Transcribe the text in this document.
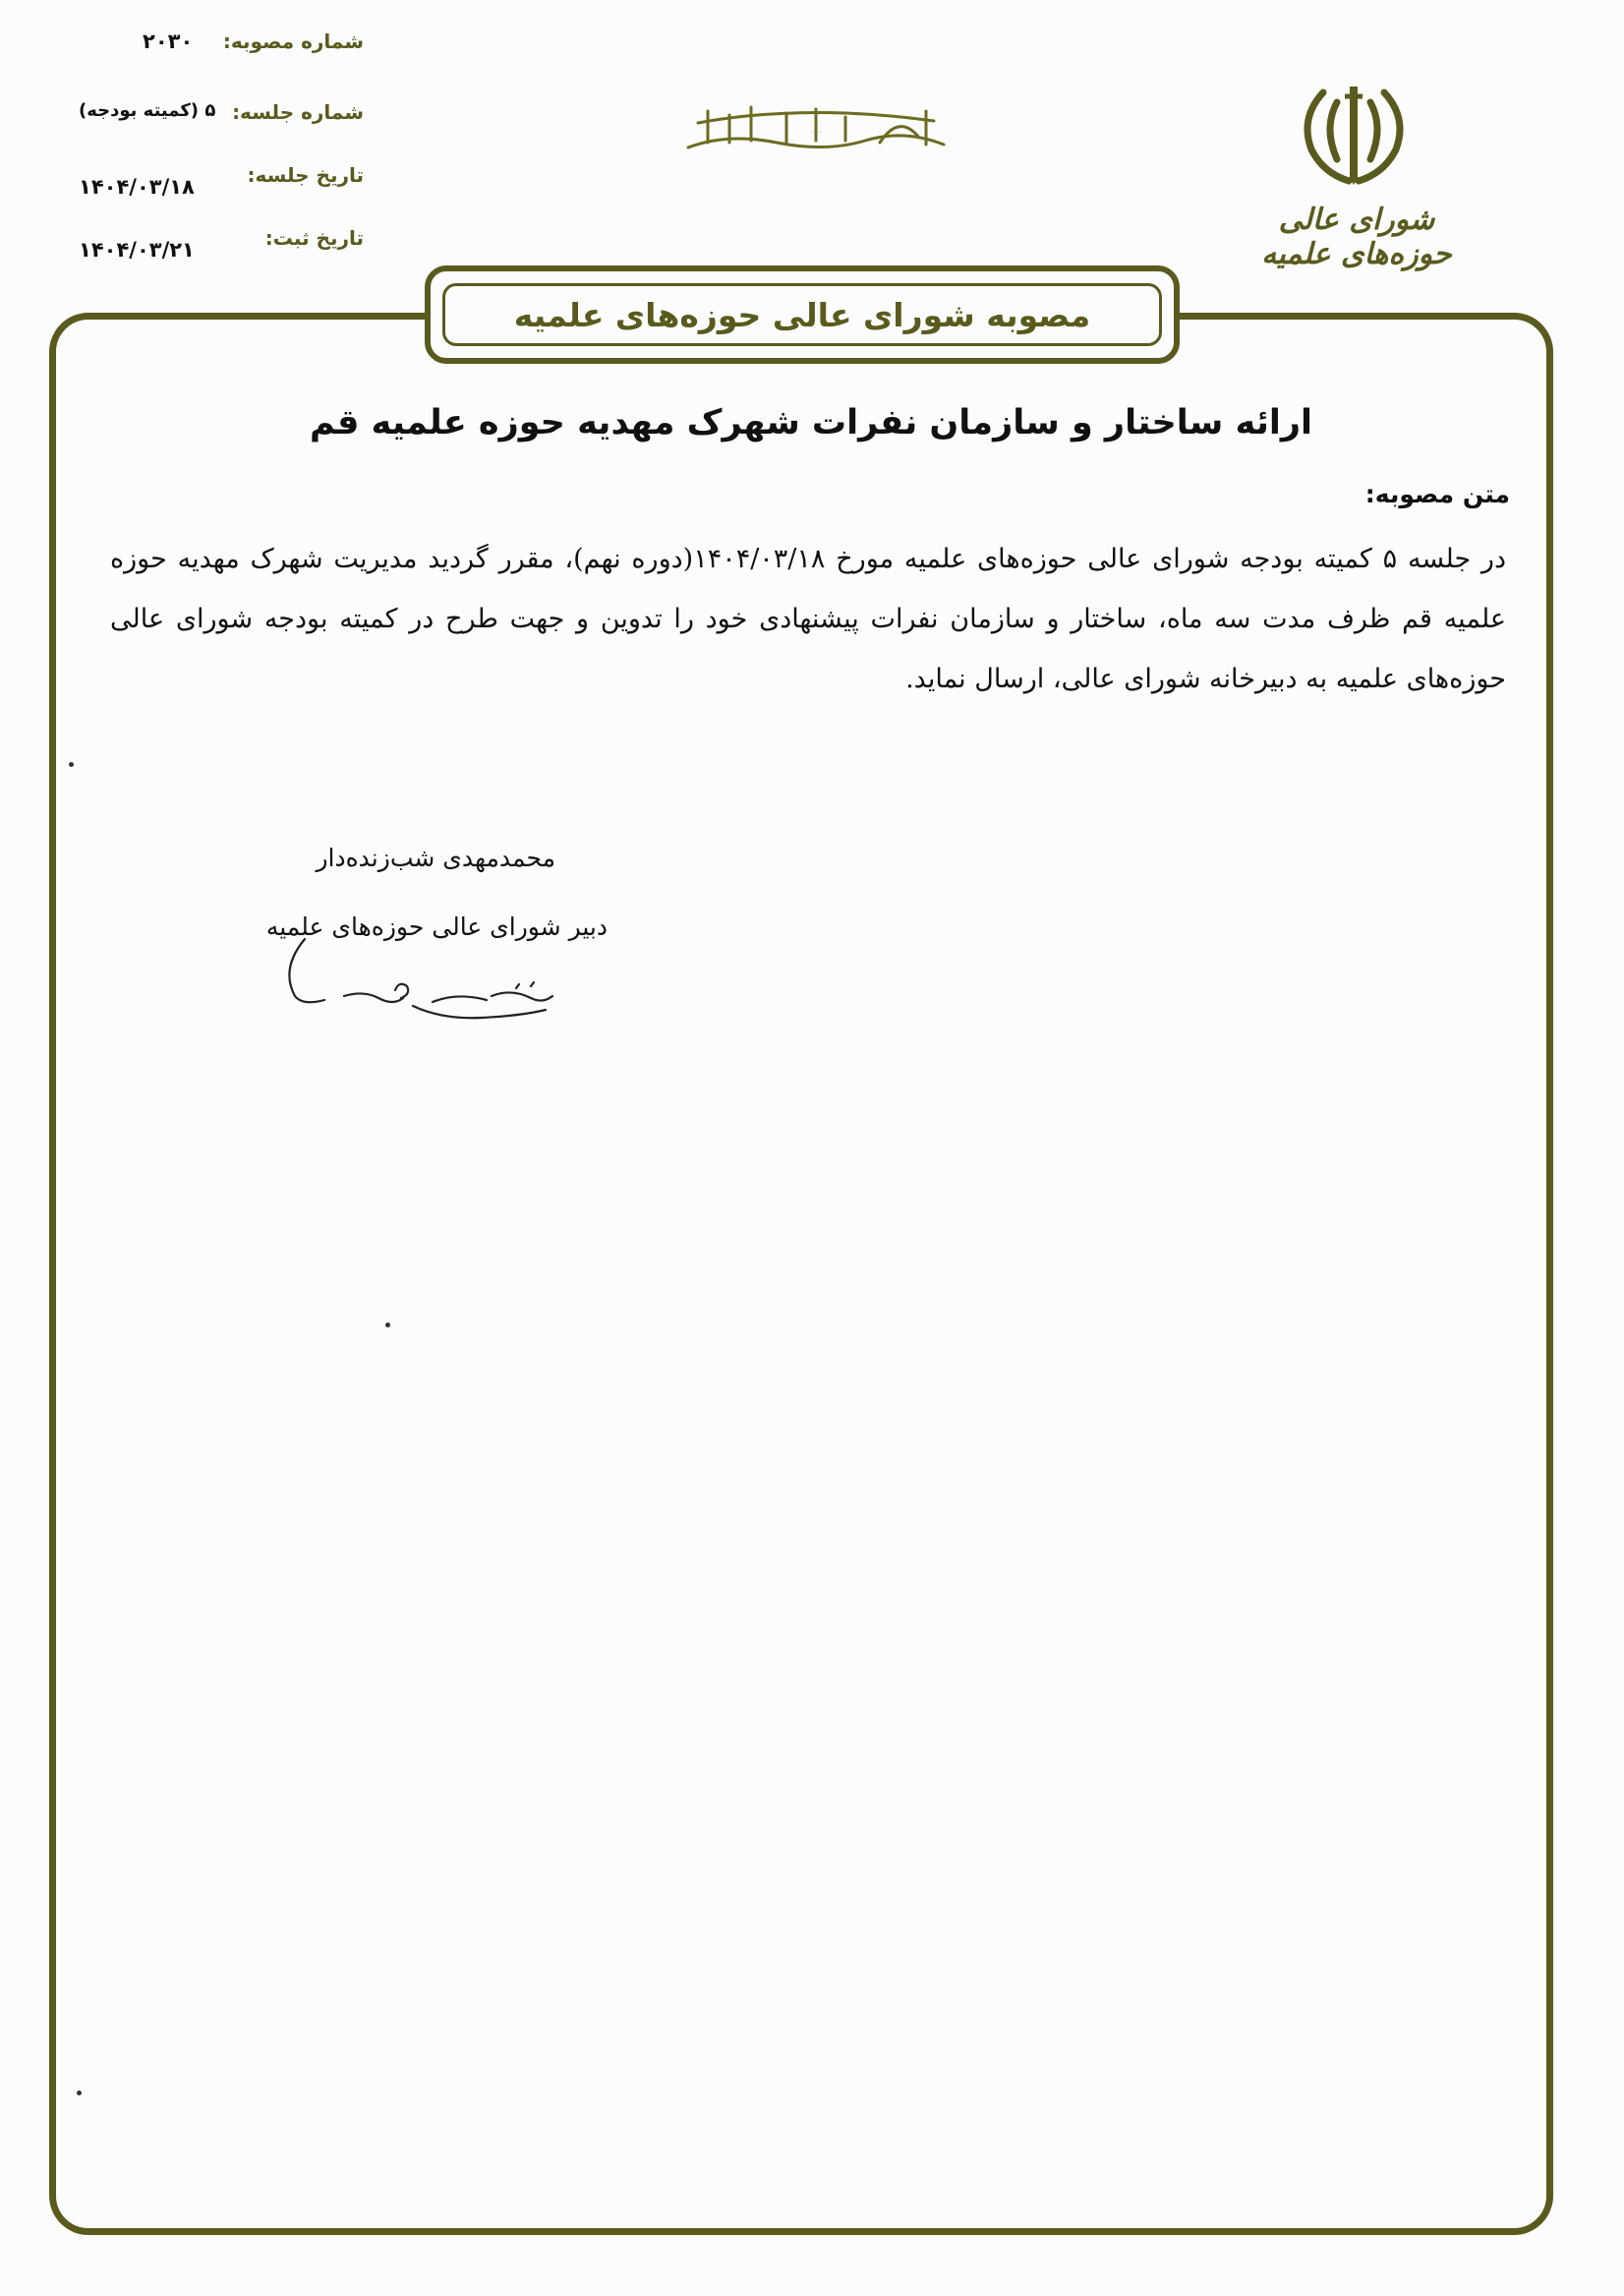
شماره مصوبه:
۲۰۳۰
شماره جلسه:
۵ (کمیته بودجه)
تاریخ جلسه:
۱۴۰۴/۰۳/۱۸
تاریخ ثبت:
۱۴۰۴/۰۳/۲۱
بسم الله الرحمن الرحیم
شورای عالی حوزه‌های علمیه
مصوبه شورای عالی حوزه‌های علمیه
ارائه ساختار و سازمان نفرات شهرک مهدیه حوزه علمیه قم
متن مصوبه:
در جلسه ۵ کمیته بودجه شورای عالی حوزه‌های علمیه مورخ ۱۴۰۴/۰۳/۱۸(دوره نهم)، مقرر گردید مدیریت شهرک مهدیه حوزه علمیه قم ظرف مدت سه ماه، ساختار و سازمان نفرات پیشنهادی خود را تدوین و جهت طرح در کمیته بودجه شورای عالی حوزه‌های علمیه به دبیرخانه شورای عالی، ارسال نماید.
محمدمهدی شب‌زنده‌دار
دبیر شورای عالی حوزه‌های علمیه
